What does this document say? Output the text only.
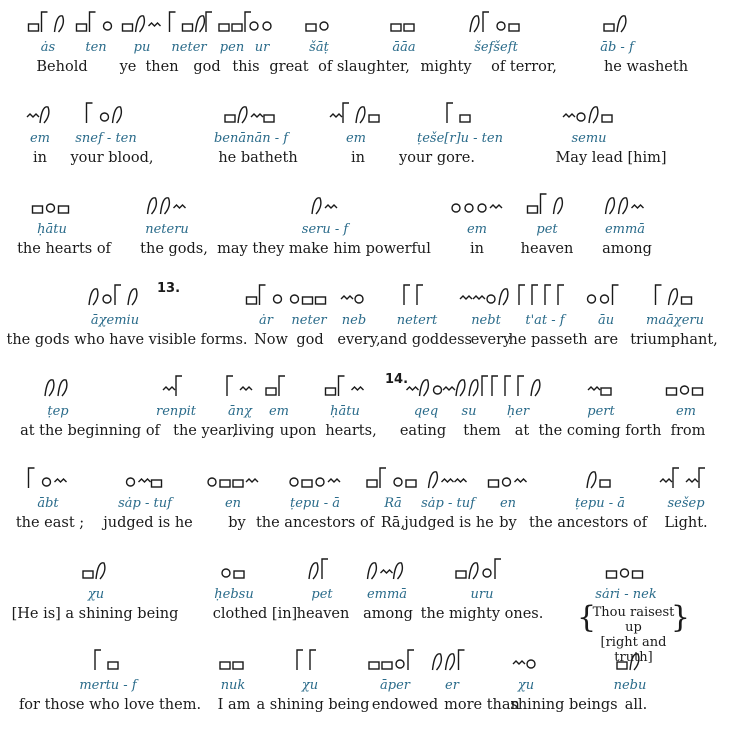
ȧs
Behold
ten
ye
pu
then
neter
god
pen
this
ur
great
šāṭ
of slaughter,
āāa
mighty
šefšeft
of terror,
āb - f
he washeth
em
in
snef - ten
your blood,
benānān - f
he batheth
em
in
ṭeše[r]u - ten
your gore.
semu
May lead [him]
ḥātu
the hearts of
neteru
the gods,
seru - f
may they make him powerful
em
in
pet
heaven
emmā
among
13.
āχemiu
the gods who have visible forms.
ȧr
Now
neter
god
neb
every,
netert
and goddess
nebt
every
t'at - f
he passeth
āu
are
maāχeru
triumphant,
14.
ṭep
at the beginning of
renpit
the year,
ānχ
living
em
upon
ḥātu
hearts,
qeq
eating
su
them
ḥer
at
pert
the coming forth
em
from
ābt
the east ;
sȧp - tuf
judged is he
en
by
ṭepu - ā
the ancestors of
Rā
Rā,
sȧp - tuf
judged is he
en
by
ṭepu - ā
the ancestors of
sešep
Light.
χu
[He is] a shining being
ḥebsu
clothed [in]
pet
heaven
emmā
among
uru
the mighty ones.
sȧri - nek
{ Thou raisest up
[right and truth]
}
mertu - f
for those who love them.
nuk
I am
χu
a shining being
āper
endowed
er
more than
χu
shining beings
nebu
all.
